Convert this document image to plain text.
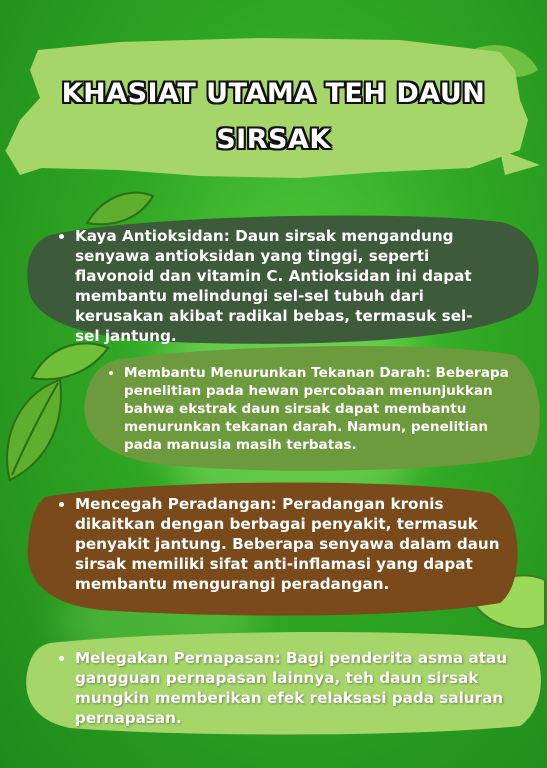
KHASIAT UTAMA TEH DAUN
SIRSAK
• Kaya Antioksidan: Daun sirsak mengandung senyawa antioksidan yang tinggi, seperti flavonoid dan vitamin C. Antioksidan ini dapat membantu melindungi sel-sel tubuh dari kerusakan akibat radikal bebas, termasuk sel-sel jantung.
• Membantu Menurunkan Tekanan Darah: Beberapa penelitian pada hewan percobaan menunjukkan bahwa ekstrak daun sirsak dapat membantu menurunkan tekanan darah. Namun, penelitian pada manusia masih terbatas.
• Mencegah Peradangan: Peradangan kronis dikaitkan dengan berbagai penyakit, termasuk penyakit jantung. Beberapa senyawa dalam daun sirsak memiliki sifat anti-inflamasi yang dapat membantu mengurangi peradangan.
• Melegakan Pernapasan: Bagi penderita asma atau gangguan pernapasan lainnya, teh daun sirsak mungkin memberikan efek relaksasi pada saluran pernapasan.
